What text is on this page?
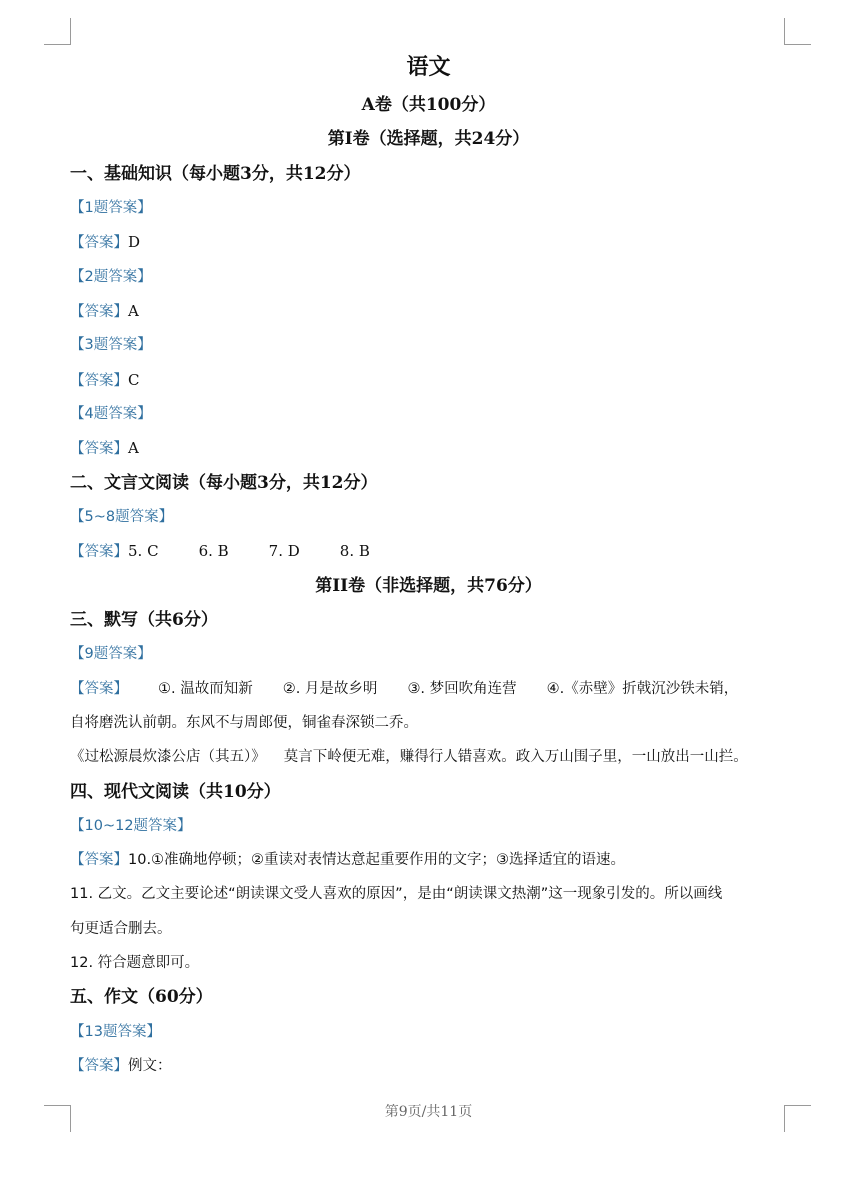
语文
A卷（共100分）
第I卷（选择题，共24分）
一、基础知识（每小题3分，共12分）
【1题答案】
【答案】D
【2题答案】
【答案】A
【3题答案】
【答案】C
【4题答案】
【答案】A
二、文言文阅读（每小题3分，共12分）
【5~8题答案】
【答案】5. C	6. B	7. D	8. B
第II卷（非选择题，共76分）
三、默写（共6分）
【9题答案】
【答案】 ①. 温故而知新 ②. 月是故乡明 ③. 梦回吹角连营 ④.《赤壁》折戟沉沙铁未销，
自将磨洗认前朝。东风不与周郎便，铜雀春深锁二乔。
《过松源晨炊漆公店（其五）》 莫言下岭便无难，赚得行人错喜欢。政入万山围子里，一山放出一山拦。
四、现代文阅读（共10分）
【10~12题答案】
【答案】10.①准确地停顿；②重读对表情达意起重要作用的文字；③选择适宜的语速。
11. 乙文。乙文主要论述“朗读课文受人喜欢的原因”，是由“朗读课文热潮”这一现象引发的。所以画线
句更适合删去。
12. 符合题意即可。
五、作文（60分）
【13题答案】
【答案】例文：
第9页/共11页
